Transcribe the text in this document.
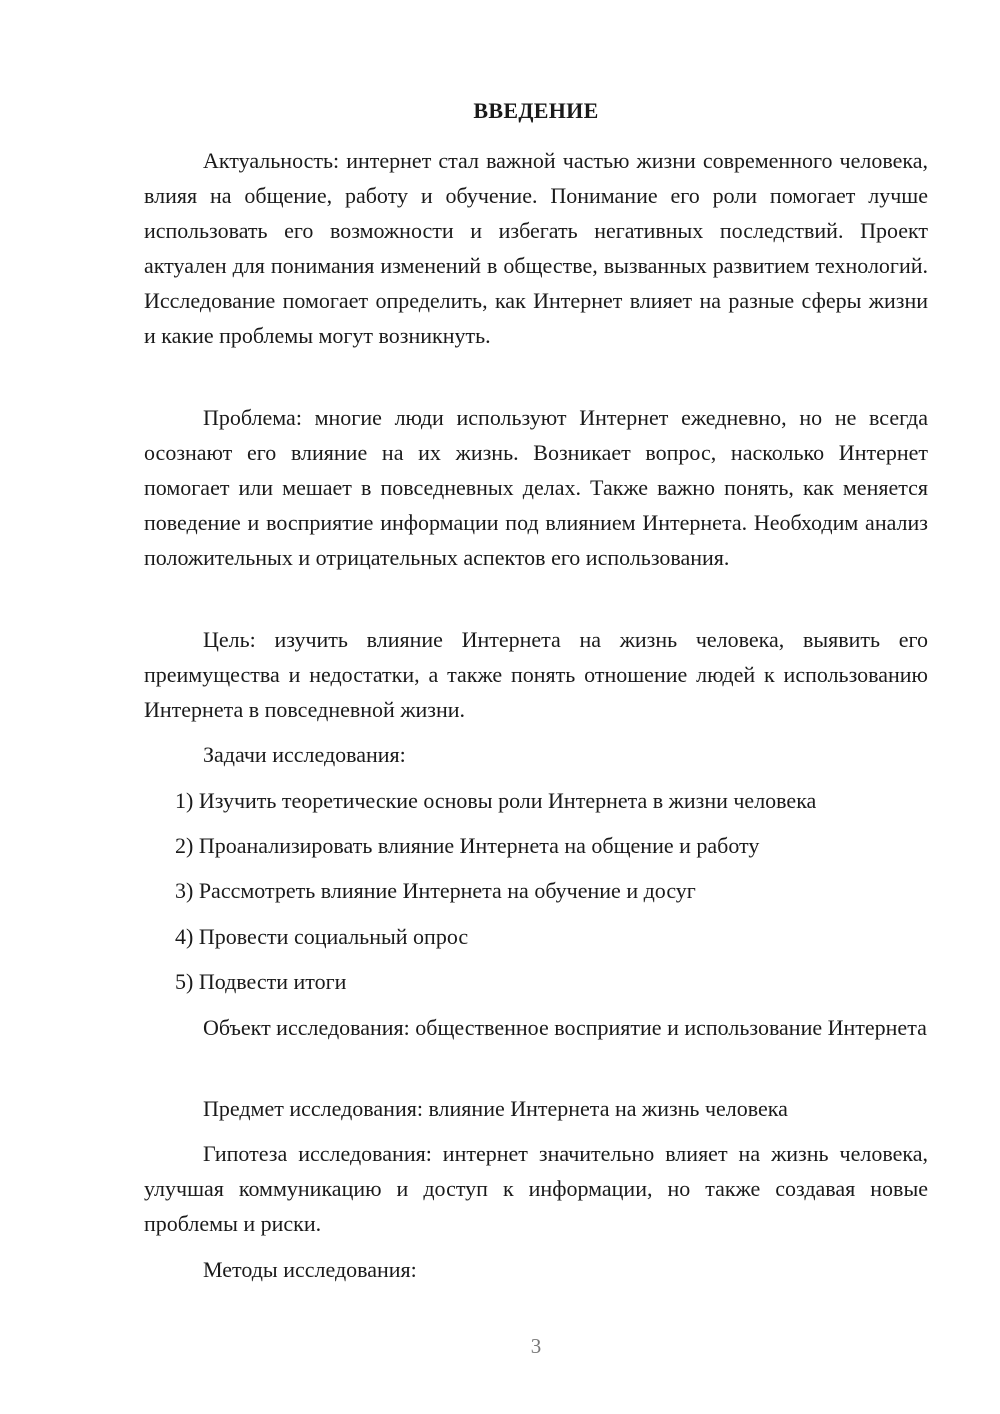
ВВЕДЕНИЕ

Актуальность: интернет стал важной частью жизни современного человека, влияя на общение, работу и обучение. Понимание его роли помогает лучше использовать его возможности и избегать негативных последствий. Проект актуален для понимания изменений в обществе, вызванных развитием технологий. Исследование помогает определить, как Интернет влияет на разные сферы жизни и какие проблемы могут возникнуть.

Проблема: многие люди используют Интернет ежедневно, но не всегда осознают его влияние на их жизнь. Возникает вопрос, насколько Интернет помогает или мешает в повседневных делах. Также важно понять, как меняется поведение и восприятие информации под влиянием Интернета. Необходим анализ положительных и отрицательных аспектов его использования.

Цель: изучить влияние Интернета на жизнь человека, выявить его преимущества и недостатки, а также понять отношение людей к использованию Интернета в повседневной жизни.

Задачи исследования:

1) Изучить теоретические основы роли Интернета в жизни человека

2) Проанализировать влияние Интернета на общение и работу

3) Рассмотреть влияние Интернета на обучение и досуг

4) Провести социальный опрос

5) Подвести итоги

Объект исследования: общественное восприятие и использование Интернета

Предмет исследования: влияние Интернета на жизнь человека

Гипотеза исследования: интернет значительно влияет на жизнь человека, улучшая коммуникацию и доступ к информации, но также создавая новые проблемы и риски.

Методы исследования:

3
